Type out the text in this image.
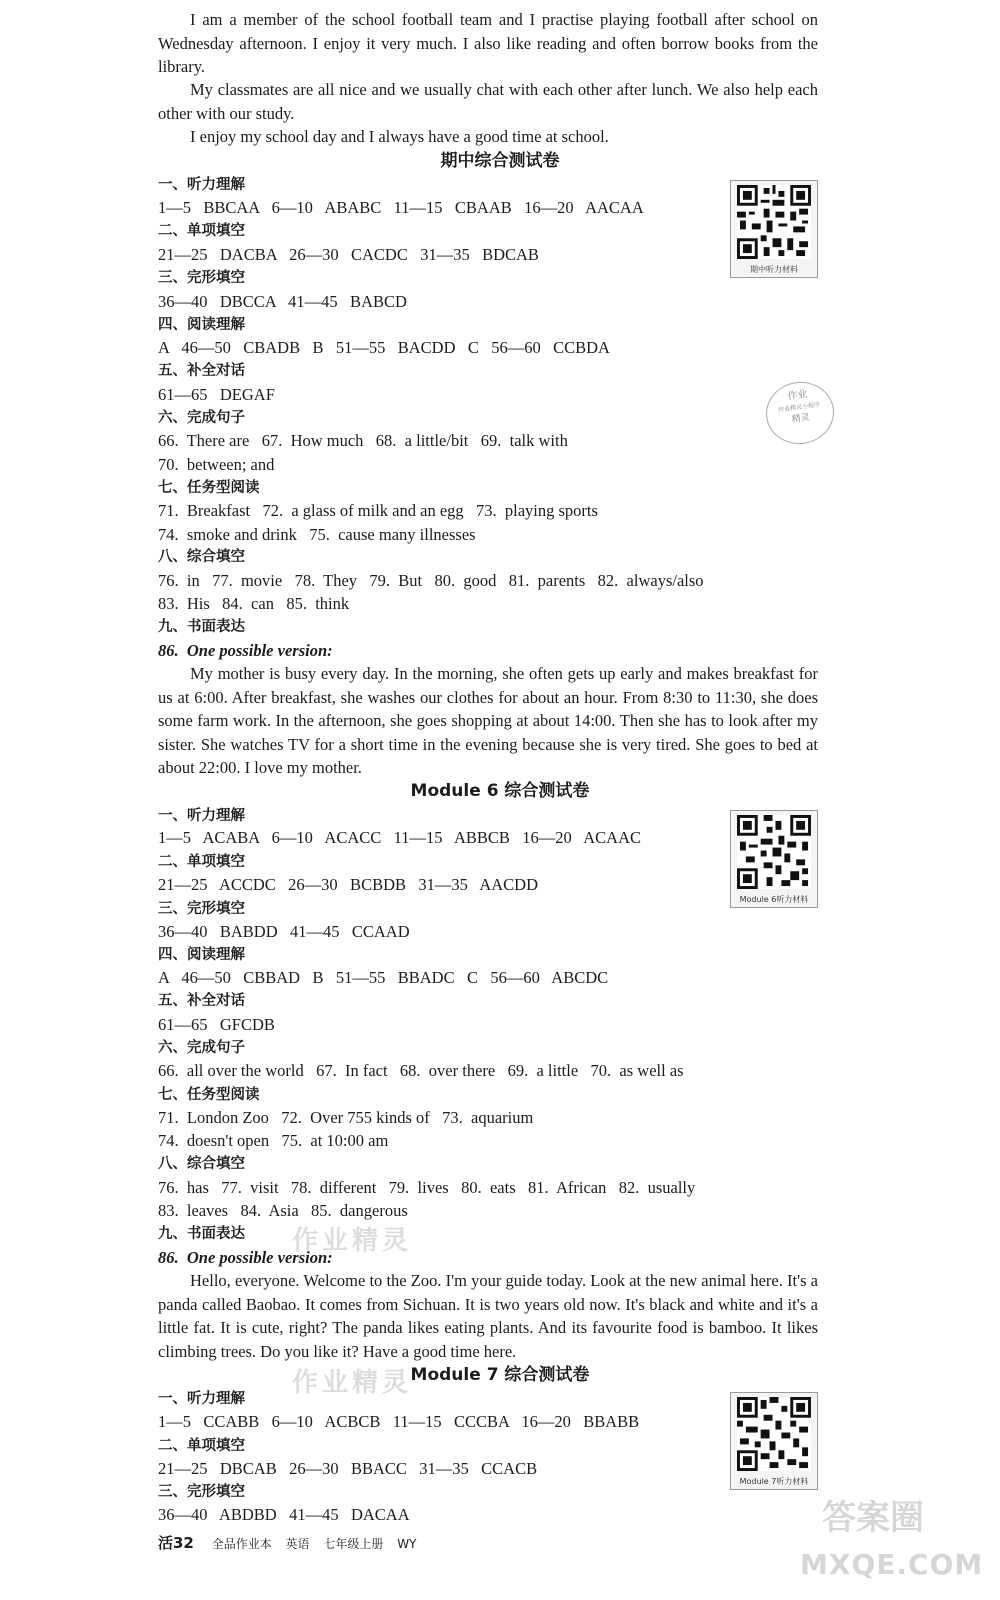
I am a member of the school football team and I practise playing football after school on Wednesday afternoon. I enjoy it very much. I also like reading and often borrow books from the library.

My classmates are all nice and we usually chat with each other after lunch. We also help each other with our study.

I enjoy my school day and I always have a good time at school.

期中综合测试卷
期中听力材料
一、听力理解
1—5   BBCAA   6—10   ABABC   11—15   CBAAB   16—20   AACAA
二、单项填空
21—25   DACBA   26—30   CACDC   31—35   BDCAB
三、完形填空
36—40   DBCCA   41—45   BABCD
四、阅读理解
A   46—50   CBADB   B   51—55   BACDD   C   56—60   CCBDA
五、补全对话
61—65   DEGAF
六、完成句子
66.  There are   67.  How much   68.  a little/bit   69.  talk with
70.  between; and
七、任务型阅读
71.  Breakfast   72.  a glass of milk and an egg   73.  playing sports
74.  smoke and drink   75.  cause many illnesses
八、综合填空
76.  in   77.  movie   78.  They   79.  But   80.  good   81.  parents   82.  always/also
83.  His   84.  can   85.  think
九、书面表达
86.  One possible version:

My mother is busy every day. In the morning, she often gets up early and makes breakfast for us at 6:00. After breakfast, she washes our clothes for about an hour. From 8:30 to 11:30, she does some farm work. In the afternoon, she goes shopping at about 14:00. Then she has to look after my sister. She watches TV for a short time in the evening because she is very tired. She goes to bed at about 22:00. I love my mother.

作业
作业精灵小程序
精灵
Module 6 综合测试卷
Module 6听力材料
一、听力理解
1—5   ACABA   6—10   ACACC   11—15   ABBCB   16—20   ACAAC
二、单项填空
21—25   ACCDC   26—30   BCBDB   31—35   AACDD
三、完形填空
36—40   BABDD   41—45   CCAAD
四、阅读理解
A   46—50   CBBAD   B   51—55   BBADC   C   56—60   ABCDC
五、补全对话
61—65   GFCDB
六、完成句子
66.  all over the world   67.  In fact   68.  over there   69.  a little   70.  as well as
七、任务型阅读
71.  London Zoo   72.  Over 755 kinds of   73.  aquarium
74.  doesn't open   75.  at 10:00 am
八、综合填空
76.  has   77.  visit   78.  different   79.  lives   80.  eats   81.  African   82.  usually
83.  leaves   84.  Asia   85.  dangerous
九、书面表达
86.  One possible version:

Hello, everyone. Welcome to the Zoo. I'm your guide today. Look at the new animal here. It's a panda called Baobao. It comes from Sichuan. It is two years old now. It's black and white and it's a little fat. It is cute, right? The panda likes eating plants. And its favourite food is bamboo. It likes climbing trees. Do you like it? Have a good time here.

作业精灵
Module 7 综合测试卷
Module 7听力材料
一、听力理解
1—5   CCABB   6—10   ACBCB   11—15   CCCBA   16—20   BBABB
二、单项填空
21—25   DBCAB   26—30   BBACC   31—35   CCACB
三、完形填空
36—40   ABDBD   41—45   DACAA
作业精灵
答案圈
MXQE.COM
活32 全品作业本 英语 七年级上册 WY
